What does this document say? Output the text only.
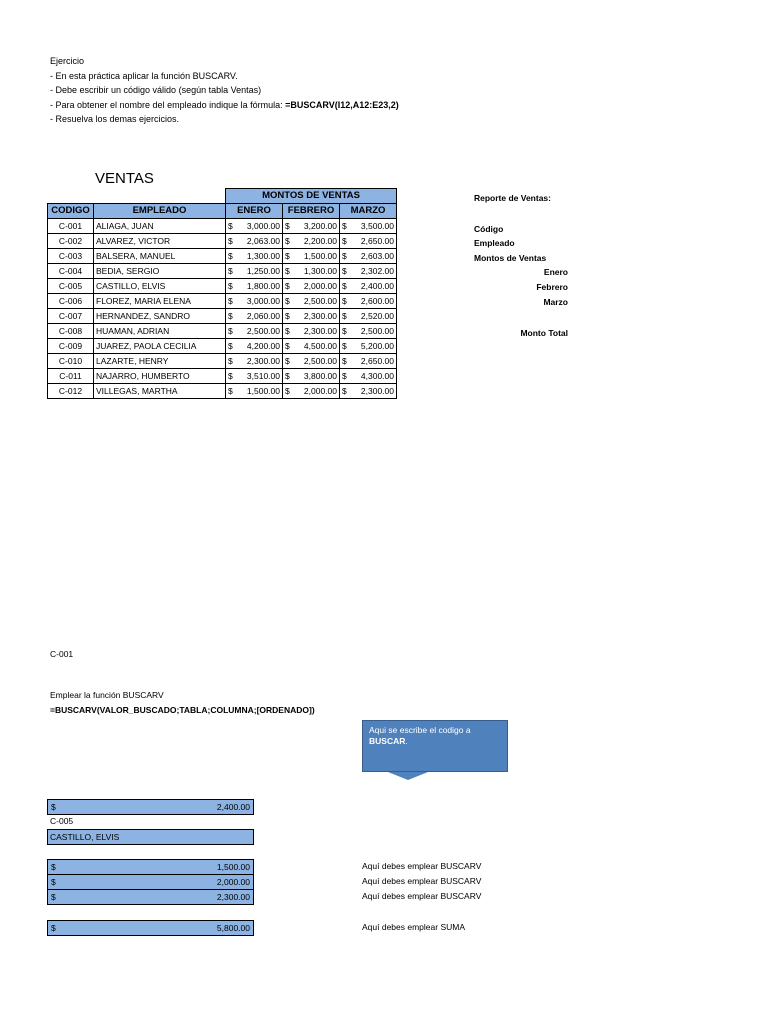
Ejercicio
- En esta práctica aplicar la función BUSCARV.
- Debe escribir un código válido (según tabla Ventas)
- Para obtener el nombre del empleado indique la fórmula: =BUSCARV(I12,A12:E23,2)
- Resuelva los demas ejercicios.
VENTAS
		MONTOS DE VENTAS		
CODIGO	EMPLEADO	ENERO	FEBRERO	MARZO
C-001	ALIAGA, JUAN	$ 3,000.00	$ 3,200.00	$ 3,500.00

C-002	ALVAREZ, VICTOR	$ 2,063.00	$ 2,200.00	$ 2,650.00

C-003	BALSERA, MANUEL	$ 1,300.00	$ 1,500.00	$ 2,603.00

C-004	BEDIA, SERGIO	$ 1,250.00	$ 1,300.00	$ 2,302.00

C-005	CASTILLO, ELVIS	$ 1,800.00	$ 2,000.00	$ 2,400.00

C-006	FLOREZ, MARIA ELENA	$ 3,000.00	$ 2,500.00	$ 2,600.00

C-007	HERNANDEZ, SANDRO	$ 2,060.00	$ 2,300.00	$ 2,520.00

C-008	HUAMAN, ADRIAN	$ 2,500.00	$ 2,300.00	$ 2,500.00

C-009	JUAREZ, PAOLA CECILIA	$ 4,200.00	$ 4,500.00	$ 5,200.00

C-010	LAZARTE, HENRY	$ 2,300.00	$ 2,500.00	$ 2,650.00

C-011	NAJARRO, HUMBERTO	$ 3,510.00	$ 3,800.00	$ 4,300.00

C-012	VILLEGAS, MARTHA	$ 1,500.00	$ 2,000.00	$ 2,300.00
Reporte de Ventas:
Código
Empleado
Montos de Ventas
Enero
Febrero
Marzo
Monto Total
C-001
Emplear la función BUSCARV
=BUSCARV(VALOR_BUSCADO;TABLA;COLUMNA;[ORDENADO])
Aqui se escribe el codigo a
BUSCAR.
$	2,400.00
C-005
CASTILLO, ELVIS
$	1,500.00
$	2,000.00
$	2,300.00
$	5,800.00
Aquí debes emplear BUSCARV
Aquí debes emplear BUSCARV
Aquí debes emplear BUSCARV
Aquí debes emplear SUMA
